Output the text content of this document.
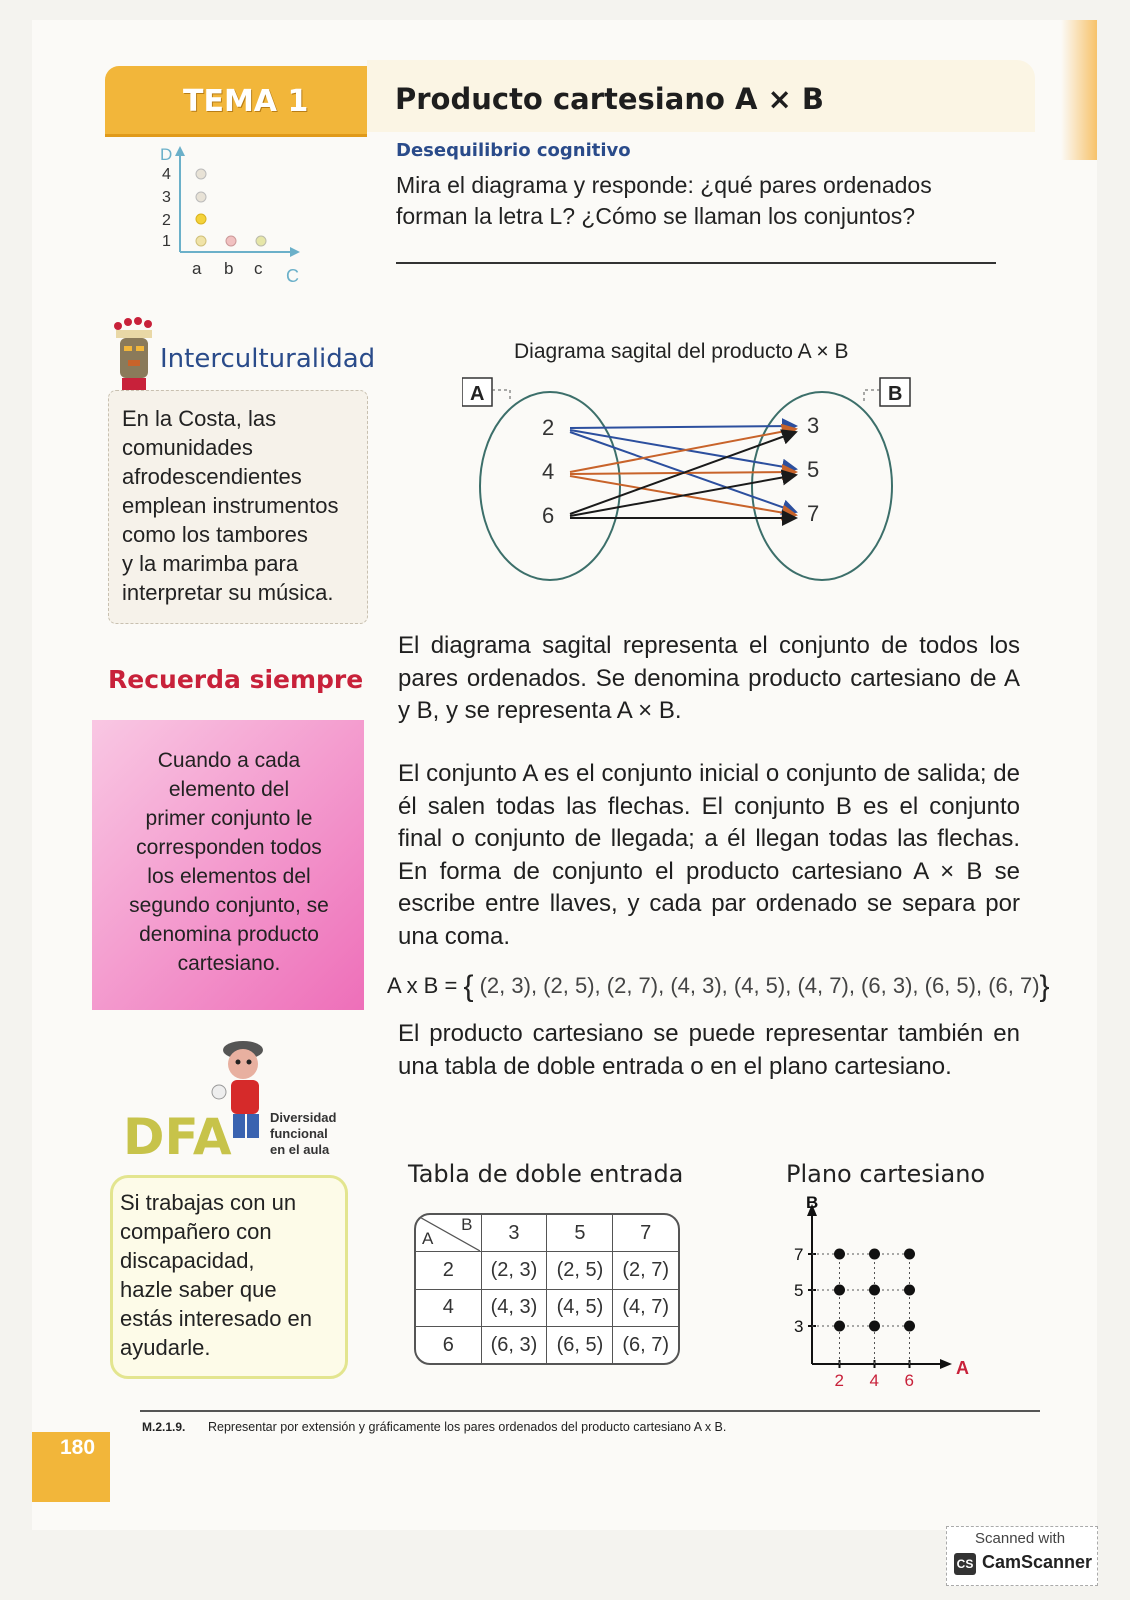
TEMA 1	Producto cartesiano A × B
Desequilibrio cognitivo
Mira el diagrama y responde: ¿qué pares ordenados
forman la letra L? ¿Cómo se llaman los conjuntos?
D
C
4
3
2
1
a b c
Interculturalidad
En la Costa, las
comunidades
afrodescendientes
emplean instrumentos
como los tambores
y la marimba para
interpretar su música.
Recuerda siempre
Cuando a cada
elemento del
primer conjunto le
corresponden todos
los elementos del
segundo conjunto, se
denomina producto
cartesiano.
DFA	Diversidad
funcional
en el aula
Si trabajas con un
compañero con
discapacidad,
hazle saber que
estás interesado en
ayudarle.
Diagrama sagital del producto A × B
A	B
2
4
6
3
5
7
El diagrama sagital representa el conjunto de todos los pares ordenados. Se denomina producto cartesiano de A y B, y se representa A × B.
El conjunto A es el conjunto inicial o conjunto de salida; de él salen todas las flechas. El conjunto B es el conjunto final o conjunto de llegada; a él llegan todas las flechas. En forma de conjunto el producto cartesiano A × B se escribe entre llaves, y cada par ordenado se separa por una coma.
A x B = { (2, 3), (2, 5), (2, 7), (4, 3), (4, 5), (4, 7), (6, 3), (6, 5), (6, 7)}
El producto cartesiano se puede representar también en una tabla de doble entrada o en el plano cartesiano.
Tabla de doble entrada
A
B	3	5	7
2	(2, 3)	(2, 5)	(2, 7)
4	(4, 3)	(4, 5)	(4, 7)
6	(6, 3)	(6, 5)	(6, 7)
Plano cartesiano
B
A
2 4 6
3
5
7
M.2.1.9. Representar por extensión y gráficamente los pares ordenados del producto cartesiano A x B.
180
Scanned with
CS CamScanner
